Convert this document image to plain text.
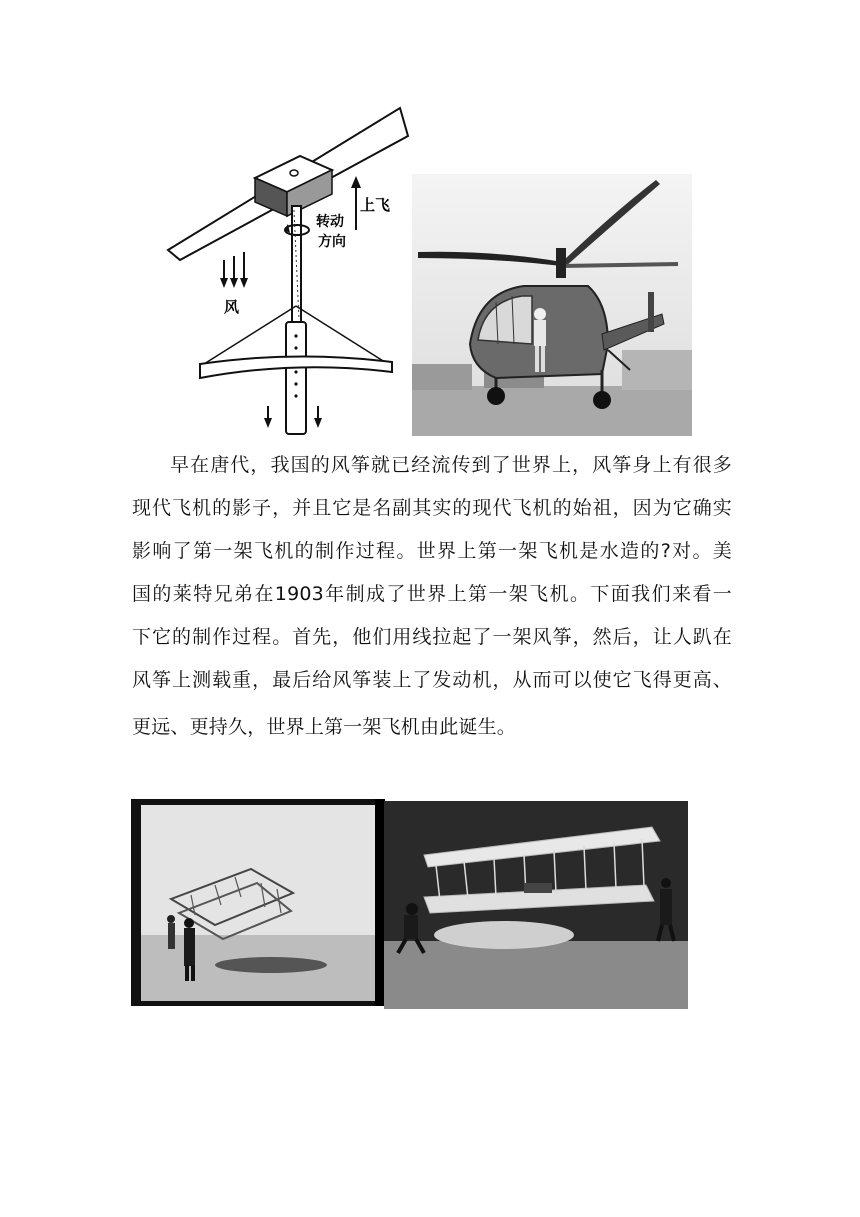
上飞
转动
方向
风
早在唐代，我国的风筝就已经流传到了世界上，风筝身上有很多
现代飞机的影子，并且它是名副其实的现代飞机的始祖，因为它确实
影响了第一架飞机的制作过程。世界上第一架飞机是水造的?对。美
国的莱特兄弟在1903年制成了世界上第一架飞机。下面我们来看一
下它的制作过程。首先，他们用线拉起了一架风筝，然后，让人趴在
风筝上测载重，最后给风筝装上了发动机，从而可以使它飞得更高、
更远、更持久，世界上第一架飞机由此诞生。
